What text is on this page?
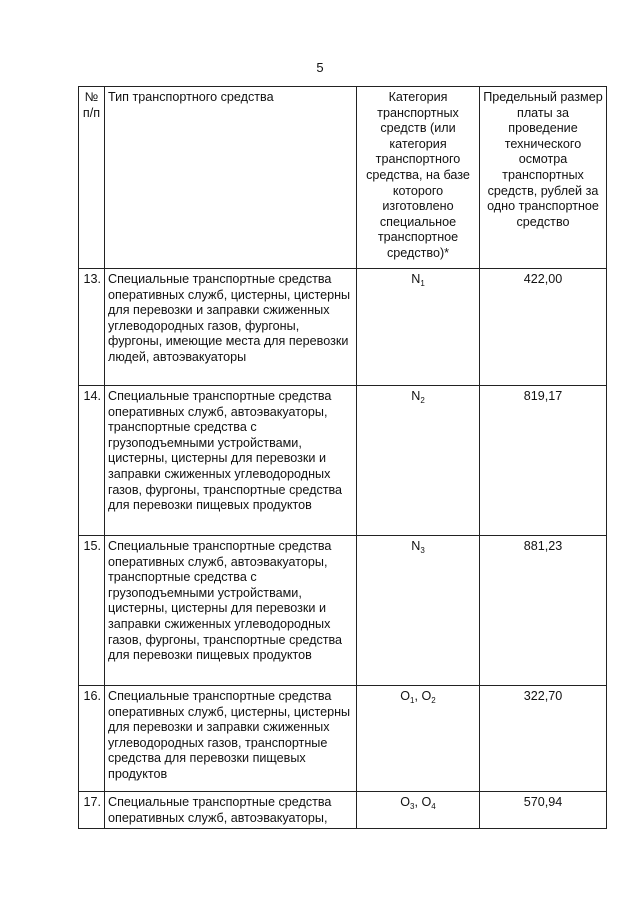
5
№ п/п	Тип транспортного средства	Категория транспортных средств (или категория транспортного средства, на базе которого изготовлено специальное транспортное средство)*	Предельный размер платы за проведение технического осмотра транспортных средств, рублей за одно транспортное средство
13.	Специальные транспортные средства оперативных служб, цистерны, цистерны для перевозки и заправки сжиженных углеводородных газов, фургоны, фургоны, имеющие места для перевозки людей, автоэвакуаторы	$N_1$	422,00
14.	Специальные транспортные средства оперативных служб, автоэвакуаторы, транспортные средства с грузоподъемными устройствами, цистерны, цистерны для перевозки и заправки сжиженных углеводородных газов, фургоны, транспортные средства для перевозки пищевых продуктов	$N_2$	819,17
15.	Специальные транспортные средства оперативных служб, автоэвакуаторы, транспортные средства с грузоподъемными устройствами, цистерны, цистерны для перевозки и заправки сжиженных углеводородных газов, фургоны, транспортные средства для перевозки пищевых продуктов	$N_3$	881,23
16.	Специальные транспортные средства оперативных служб, цистерны, цистерны для перевозки и заправки сжиженных углеводородных газов, транспортные средства для перевозки пищевых продуктов	$O_1$, $O_2$	322,70
17.	Специальные транспортные средства оперативных служб, автоэвакуаторы,	$O_3$, $O_4$	570,94
